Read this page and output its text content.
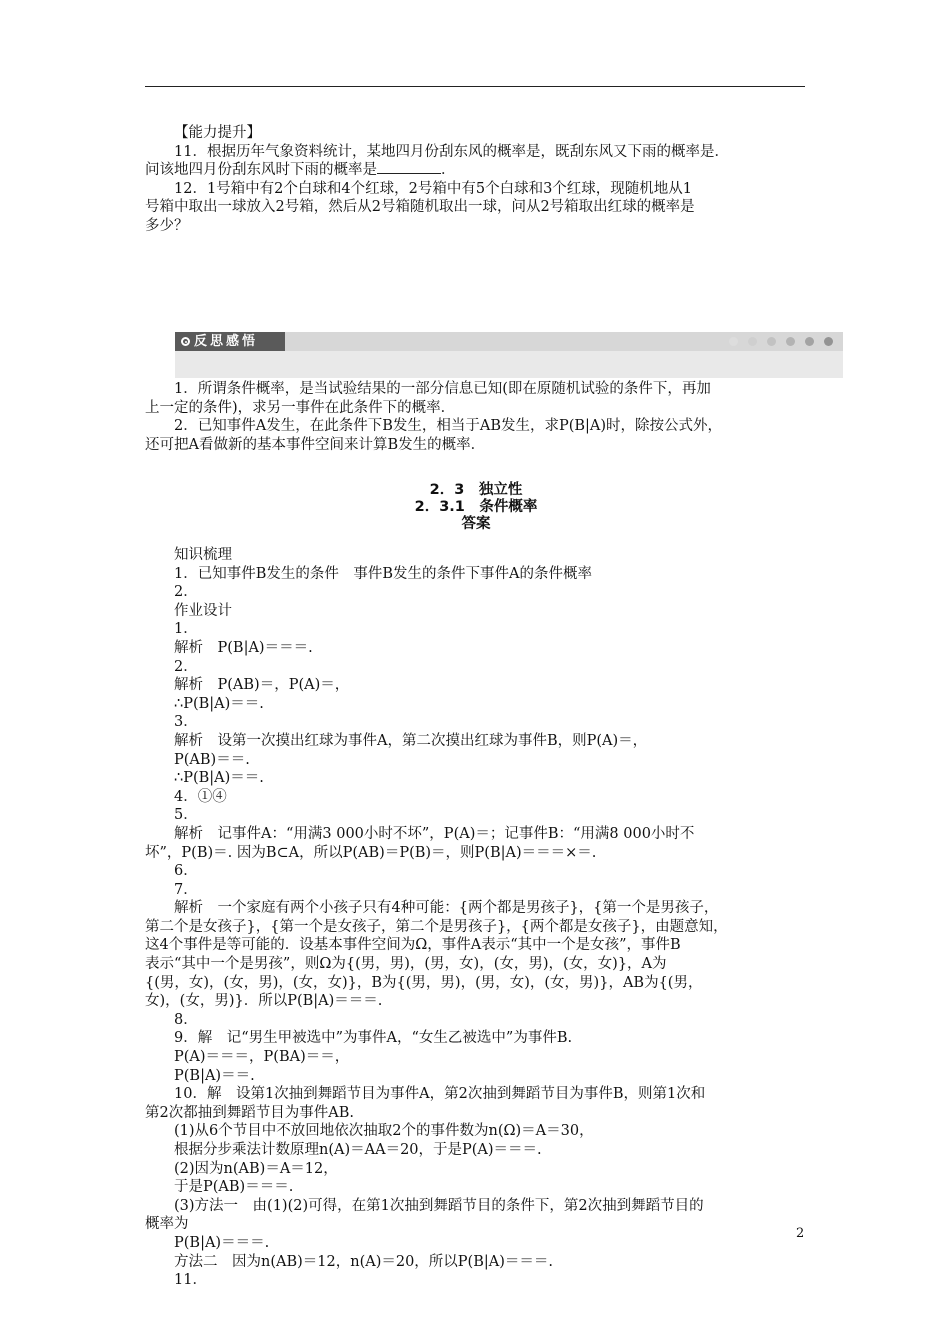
【能力提升】
11．根据历年气象资料统计，某地四月份刮东风的概率是，既刮东风又下雨的概率是．
问该地四月份刮东风时下雨的概率是	．
12．1号箱中有2个白球和4个红球，2号箱中有5个白球和3个红球，现随机地从1
号箱中取出一球放入2号箱，然后从2号箱随机取出一球，问从2号箱取出红球的概率是
多少？
反思感悟
1．所谓条件概率，是当试验结果的一部分信息已知(即在原随机试验的条件下，再加
上一定的条件)，求另一事件在此条件下的概率．
2．已知事件A发生，在此条件下B发生，相当于AB发生，求P(B|A)时，除按公式外，
还可把A看做新的基本事件空间来计算B发生的概率．
2．3　独立性
2．3.1　条件概率
答案
知识梳理
1．已知事件B发生的条件　事件B发生的条件下事件A的条件概率
2．
作业设计
1．
解析　P(B|A)＝＝＝.
2．
解析　P(AB)＝，P(A)＝，
∴P(B|A)＝＝.
3．
解析　设第一次摸出红球为事件A，第二次摸出红球为事件B，则P(A)＝，
P(AB)＝＝.
∴P(B|A)＝＝.
4．①④
5．
解析　记事件A：“用满3 000小时不坏”，P(A)＝；记事件B：“用满8 000小时不
坏”，P(B)＝. 因为B⊂A，所以P(AB)＝P(B)＝，则P(B|A)＝＝＝×＝.
6．
7．
解析　一个家庭有两个小孩子只有4种可能：{两个都是男孩子}，{第一个是男孩子，
第二个是女孩子}，{第一个是女孩子，第二个是男孩子}，{两个都是女孩子}，由题意知，
这4个事件是等可能的．设基本事件空间为Ω，事件A表示“其中一个是女孩”，事件B
表示“其中一个是男孩”，则Ω为{(男，男)，(男，女)，(女，男)，(女，女)}，A为
{(男，女)，(女，男)，(女，女)}，B为{(男，男)，(男，女)，(女，男)}，AB为{(男，
女)，(女，男)}．所以P(B|A)＝＝＝.
8．
9．解　记“男生甲被选中”为事件A，“女生乙被选中”为事件B.
P(A)＝＝＝，P(BA)＝＝，
P(B|A)＝＝.
10．解　设第1次抽到舞蹈节目为事件A，第2次抽到舞蹈节目为事件B，则第1次和
第2次都抽到舞蹈节目为事件AB.
(1)从6个节目中不放回地依次抽取2个的事件数为n(Ω)＝A＝30，
根据分步乘法计数原理n(A)＝AA＝20，于是P(A)＝＝＝.
(2)因为n(AB)＝A＝12，
于是P(AB)＝＝＝.
(3)方法一　由(1)(2)可得，在第1次抽到舞蹈节目的条件下，第2次抽到舞蹈节目的
概率为
P(B|A)＝＝＝.
方法二　因为n(AB)＝12，n(A)＝20，所以P(B|A)＝＝＝.
11．
2
